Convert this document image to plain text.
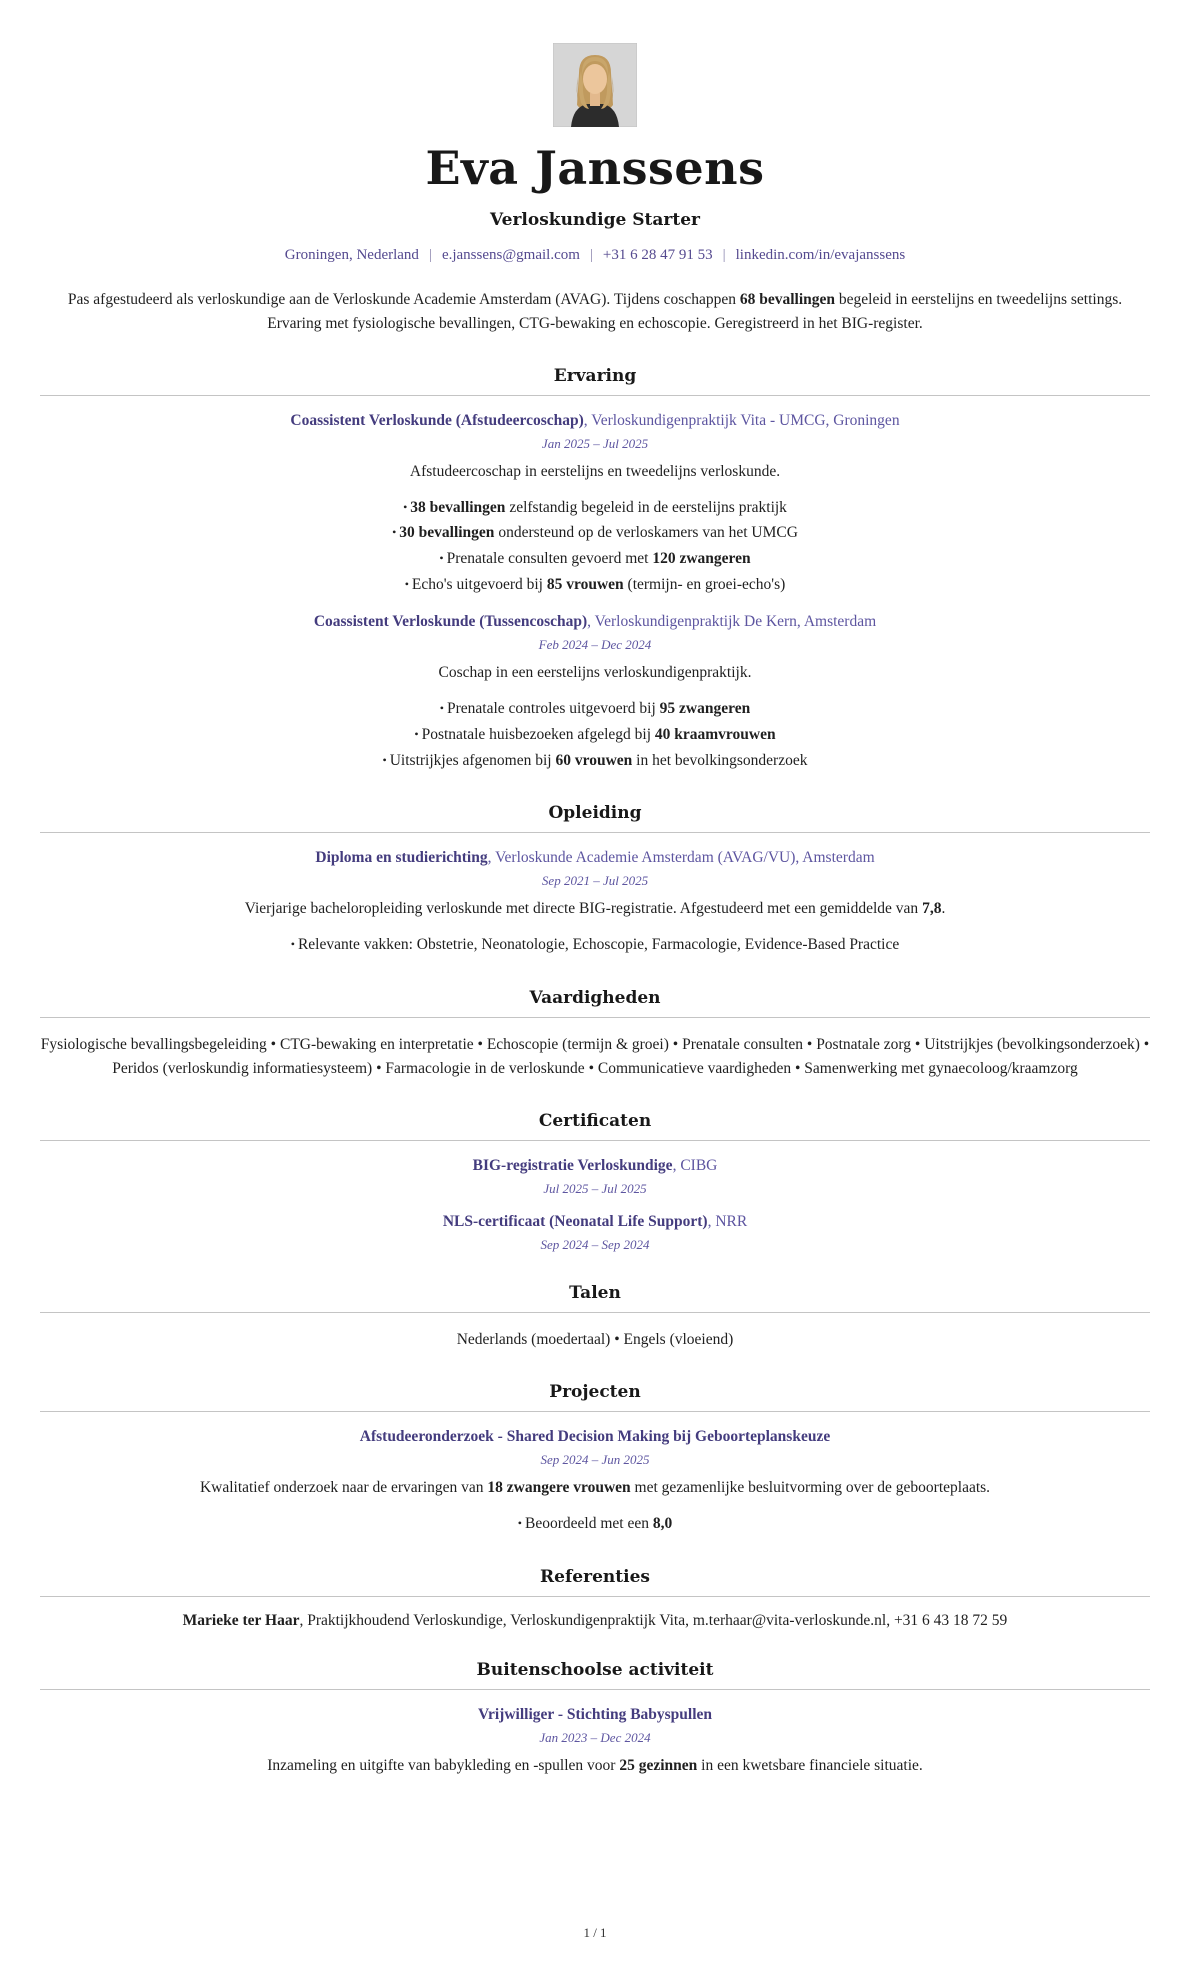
Eva Janssens
Verloskundige Starter
Groningen, Nederland | e.janssens@gmail.com | +31 6 28 47 91 53 | linkedin.com/in/evajanssens

Pas afgestudeerd als verloskundige aan de Verloskunde Academie Amsterdam (AVAG). Tijdens coschappen 68 bevallingen begeleid in eerstelijns en tweedelijns settings. Ervaring met fysiologische bevallingen, CTG-bewaking en echoscopie. Geregistreerd in het BIG-register.

Ervaring
Coassistent Verloskunde (Afstudeercoschap), Verloskundigenpraktijk Vita - UMCG, Groningen
Jan 2025 – Jul 2025
Afstudeercoschap in eerstelijns en tweedelijns verloskunde.
• 38 bevallingen zelfstandig begeleid in de eerstelijns praktijk
• 30 bevallingen ondersteund op de verloskamers van het UMCG
• Prenatale consulten gevoerd met 120 zwangeren
• Echo's uitgevoerd bij 85 vrouwen (termijn- en groei-echo's)
Coassistent Verloskunde (Tussencoschap), Verloskundigenpraktijk De Kern, Amsterdam
Feb 2024 – Dec 2024
Coschap in een eerstelijns verloskundigenpraktijk.
• Prenatale controles uitgevoerd bij 95 zwangeren
• Postnatale huisbezoeken afgelegd bij 40 kraamvrouwen
• Uitstrijkjes afgenomen bij 60 vrouwen in het bevolkingsonderzoek
Opleiding
Diploma en studierichting, Verloskunde Academie Amsterdam (AVAG/VU), Amsterdam
Sep 2021 – Jul 2025
Vierjarige bacheloropleiding verloskunde met directe BIG-registratie. Afgestudeerd met een gemiddelde van 7,8.
• Relevante vakken: Obstetrie, Neonatologie, Echoscopie, Farmacologie, Evidence-Based Practice
Vaardigheden

Fysiologische bevallingsbegeleiding • CTG-bewaking en interpretatie • Echoscopie (termijn & groei) • Prenatale consulten • Postnatale zorg • Uitstrijkjes (bevolkingsonderzoek) • Peridos (verloskundig informatiesysteem) • Farmacologie in de verloskunde • Communicatieve vaardigheden • Samenwerking met gynaecoloog/kraamzorg

Certificaten
BIG-registratie Verloskundige, CIBG
Jul 2025 – Jul 2025
NLS-certificaat (Neonatal Life Support), NRR
Sep 2024 – Sep 2024
Talen

Nederlands (moedertaal) • Engels (vloeiend)

Projecten
Afstudeeronderzoek - Shared Decision Making bij Geboorteplanskeuze
Sep 2024 – Jun 2025
Kwalitatief onderzoek naar de ervaringen van 18 zwangere vrouwen met gezamenlijke besluitvorming over de geboorteplaats.
• Beoordeeld met een 8,0
Referenties

Marieke ter Haar, Praktijkhoudend Verloskundige, Verloskundigenpraktijk Vita, m.terhaar@vita-verloskunde.nl, +31 6 43 18 72 59

Buitenschoolse activiteit
Vrijwilliger - Stichting Babyspullen
Jan 2023 – Dec 2024
Inzameling en uitgifte van babykleding en -spullen voor 25 gezinnen in een kwetsbare financiele situatie.
1 / 1
